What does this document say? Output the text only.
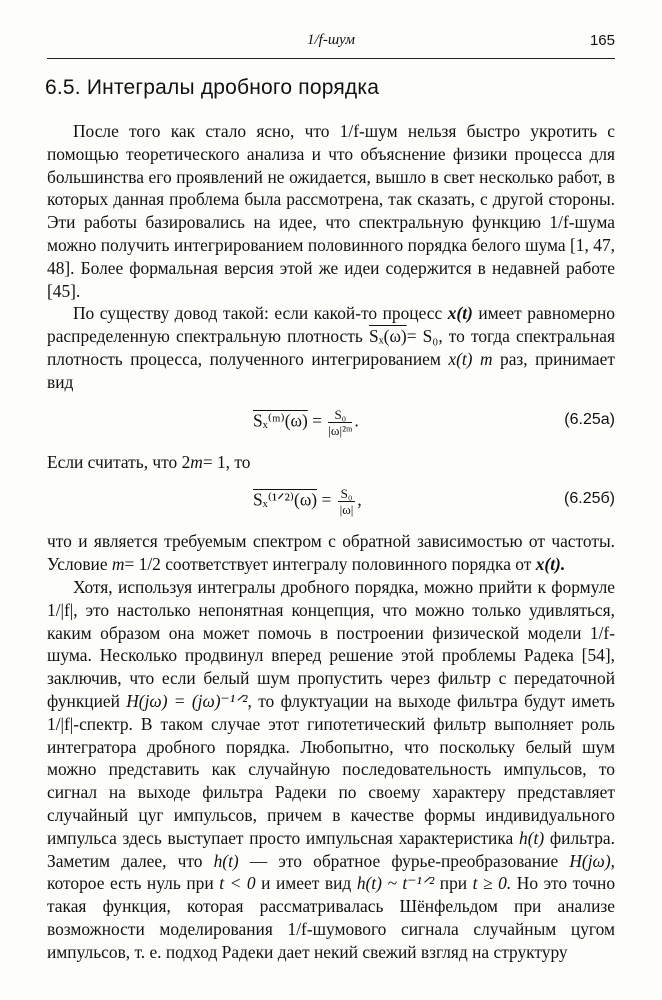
1/f-шум	165
6.5. Интегралы дробного порядка

После того как стало ясно, что 1/f-шум нельзя быстро укротить с помощью теоретического анализа и что объяснение физики процесса для большинства его проявлений не ожидается, вышло в свет несколько работ, в которых данная проблема была рассмотрена, так сказать, с другой стороны. Эти работы базировались на идее, что спектральную функцию 1/f-шума можно получить интегрированием половинного порядка белого шума [1, 47, 48]. Более формальная версия этой же идеи содержится в недавней работе [45].

По существу довод такой: если какой-то процесс x(t) имеет равномерно распределенную спектральную плотность Sₓ(ω)= S₀, то тогда спектральная плотность процесса, полученного интегрированием x(t) m раз, принимает вид

Sₓ⁽ᵐ⁾(ω) = $\frac{\text{S₀}}{\text{|ω|²ᵐ}}$ .	(6.25а)

Если считать, что 2m= 1, то

Sₓ⁽¹ᐟ²⁾(ω) = $\frac{\text{S₀}}{|\omega|}$ ,	(6.25б)

что и является требуемым спектром с обратной зависимостью от частоты. Условие m= 1/2 соответствует интегралу половинного порядка от x(t).

Хотя, используя интегралы дробного порядка, можно прийти к формуле 1/|f|, это настолько непонятная концепция, что можно только удивляться, каким образом она может помочь в построении физической модели 1/f-шума. Несколько продвинул вперед решение этой проблемы Радека [54], заключив, что если белый шум пропустить через фильтр с передаточной функцией H(jω) = (jω)⁻¹ᐟ², то флуктуации на выходе фильтра будут иметь 1/|f|-спектр. В таком случае этот гипотетический фильтр выполняет роль интегратора дробного порядка. Любопытно, что поскольку белый шум можно представить как случайную последовательность импульсов, то сигнал на выходе фильтра Радеки по своему характеру представляет случайный цуг импульсов, причем в качестве формы индивидуального импульса здесь выступает просто импульсная характеристика h(t) фильтра. Заметим далее, что h(t) — это обратное фурье-преобразование H(jω), которое есть нуль при t < 0 и имеет вид h(t) ~ t⁻¹ᐟ² при t ≥ 0. Но это точно такая функция, которая рассматривалась Шёнфельдом при анализе возможности моделирования 1/f-шумового сигнала случайным цугом импульсов, т. е. подход Радеки дает некий свежий взгляд на структуру
